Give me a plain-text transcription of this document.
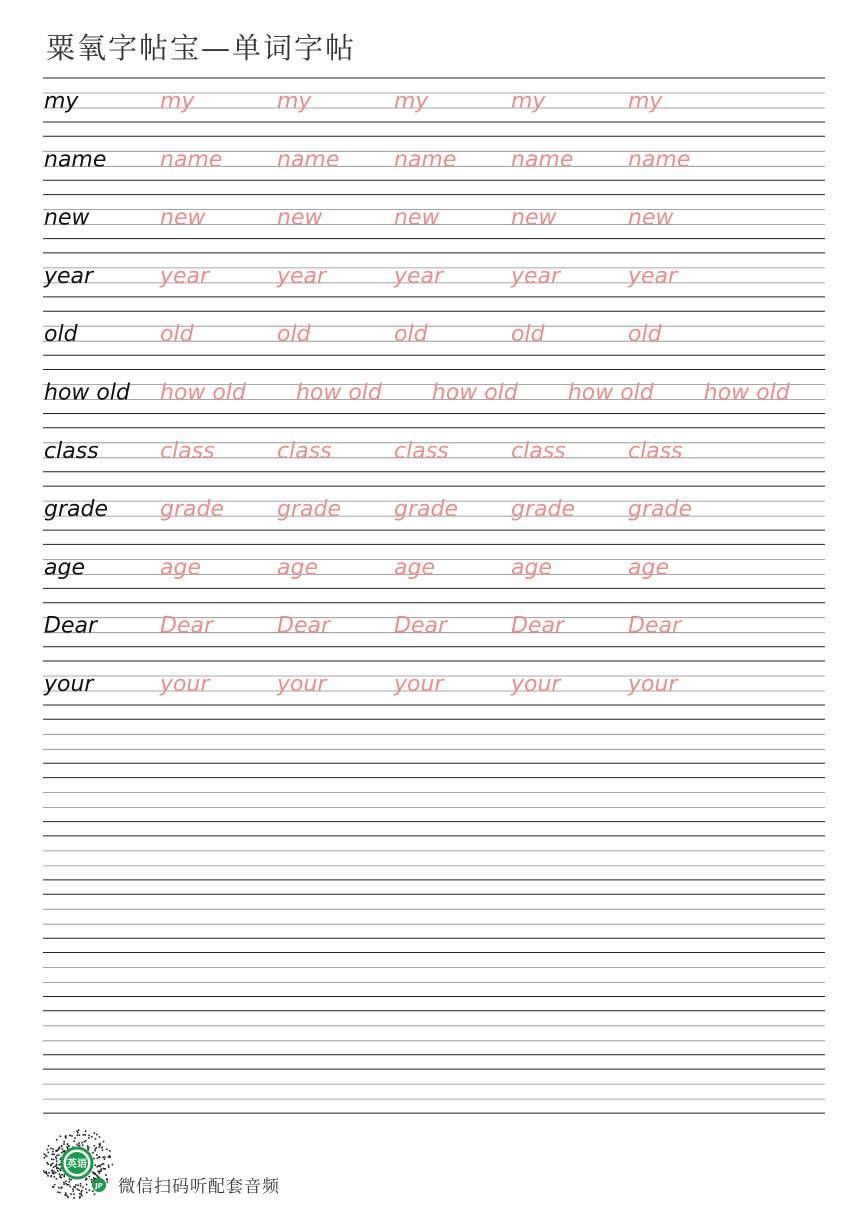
粟氧字帖宝—单词字帖
my	my	my	my	my	my
name name name name name name
new	new	new	new	new	new
year	year	year	year	year	year
old	old	old	old	old	old
how old how old how old how old how old how old
class	class	class	class	class	class
grade grade grade grade grade grade
age	age	age	age	age	age
Dear	Dear	Dear	Dear	Dear	Dear
your	your	your	your	your	your
英语
JP 微信扫码听配套音频
